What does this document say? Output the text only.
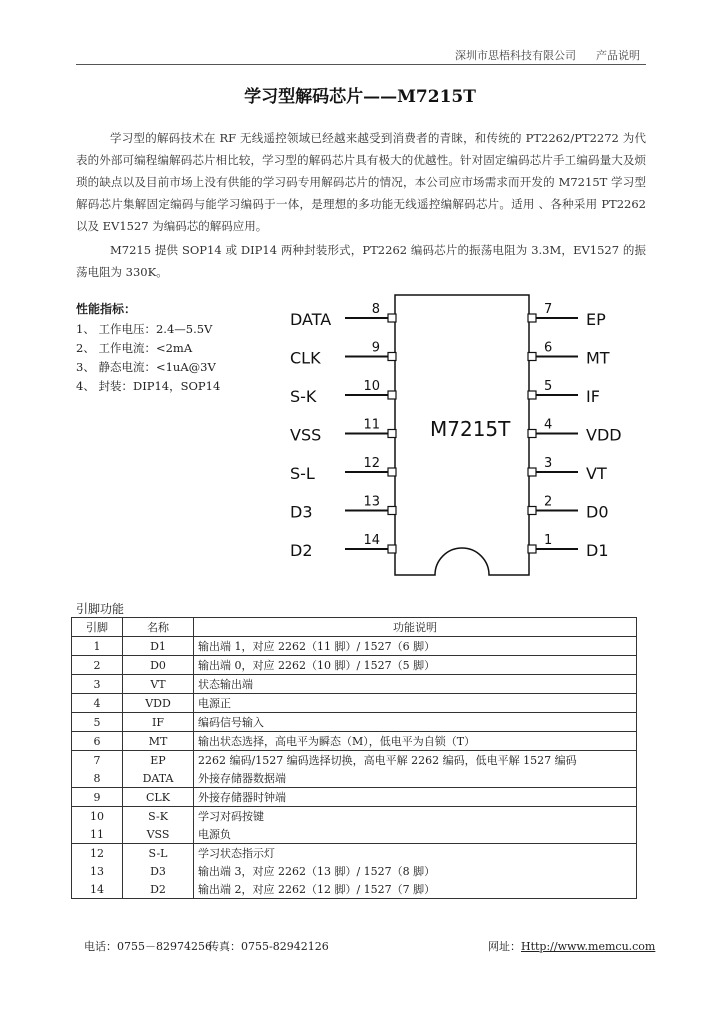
深圳市思梧科技有限公司 产品说明
学习型解码芯片——M7215T
学习型的解码技术在 RF 无线遥控领域已经越来越受到消费者的青睐，和传统的 PT2262/PT2272 为代表的外部可编程编解码芯片相比较，学习型的解码芯片具有极大的优越性。针对固定编码芯片手工编码量大及烦琐的缺点以及目前市场上没有供能的学习码专用解码芯片的情况，本公司应市场需求而开发的 M7215T 学习型解码芯片集解固定编码与能学习编码于一体，是理想的多功能无线遥控编解码芯片。适用 、各种采用 PT2262 以及 EV1527 为编码芯的解码应用。
M7215 提供 SOP14 或 DIP14 两种封装形式，PT2262 编码芯片的振荡电阻为 3.3M，EV1527 的振荡电阻为 330K。
性能指标：
1、 工作电压：2.4—5.5V
2、 工作电流：<2mA
3、 静态电流：<1uA@3V
4、 封装：DIP14，SOP14
M7215T
DATA
8
CLK
9
S-K
10
VSS
11
S-L
12
D3
13
D2
14
EP
7
MT
6
IF
5
VDD
4
VT
3
D0
2
D1
1
引脚功能
引脚	名称	功能说明
1	D1	输出端 1，对应 2262（11 脚）/ 1527（6 脚）
2	D0	输出端 0，对应 2262（10 脚）/ 1527（5 脚）
3	VT	状态输出端
4	VDD	电源正
5	IF	编码信号输入
6	MT	输出状态选择，高电平为瞬态（M），低电平为自锁（T）
7	EP	2262 编码/1527 编码选择切换，高电平解 2262 编码，低电平解 1527 编码
8	DATA	外接存储器数据端
9	CLK	外接存储器时钟端
10	S-K	学习对码按键
11	VSS	电源负
12	S-L	学习状态指示灯
13	D3	输出端 3，对应 2262（13 脚）/ 1527（8 脚）
14	D2	输出端 2，对应 2262（12 脚）/ 1527（7 脚）
电话：0755－82974256
传真：0755-82942126	网址：Http://www.memcu.com
